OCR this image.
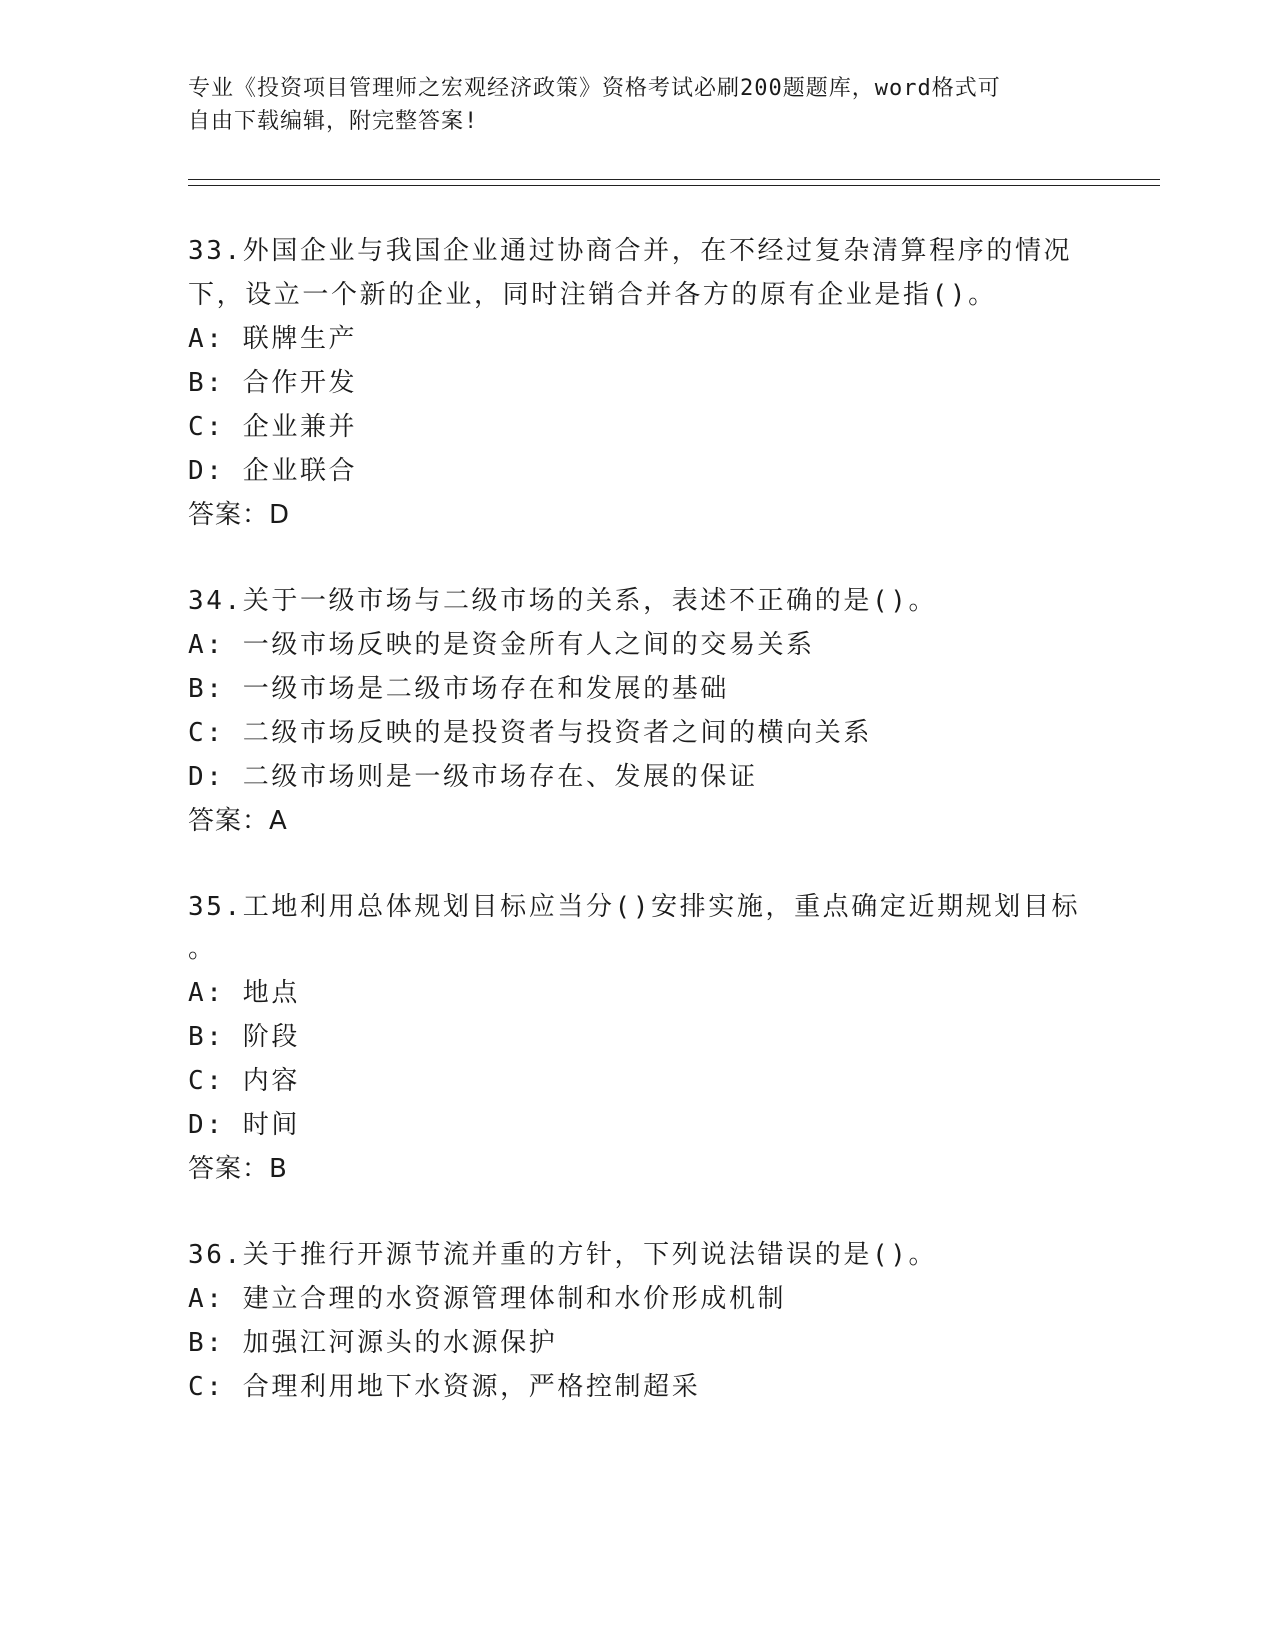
专业《投资项目管理师之宏观经济政策》资格考试必刷200题题库，word格式可
自由下载编辑，附完整答案!
33.外国企业与我国企业通过协商合并，在不经过复杂清算程序的情况
下，设立一个新的企业，同时注销合并各方的原有企业是指()。
A: 联牌生产
B: 合作开发
C: 企业兼并
D: 企业联合
答案：D
34.关于一级市场与二级市场的关系，表述不正确的是()。
A: 一级市场反映的是资金所有人之间的交易关系
B: 一级市场是二级市场存在和发展的基础
C: 二级市场反映的是投资者与投资者之间的横向关系
D: 二级市场则是一级市场存在、发展的保证
答案：A
35.工地利用总体规划目标应当分()安排实施，重点确定近期规划目标
。
A: 地点
B: 阶段
C: 内容
D: 时间
答案：B
36.关于推行开源节流并重的方针，下列说法错误的是()。
A: 建立合理的水资源管理体制和水价形成机制
B: 加强江河源头的水源保护
C: 合理利用地下水资源，严格控制超采
